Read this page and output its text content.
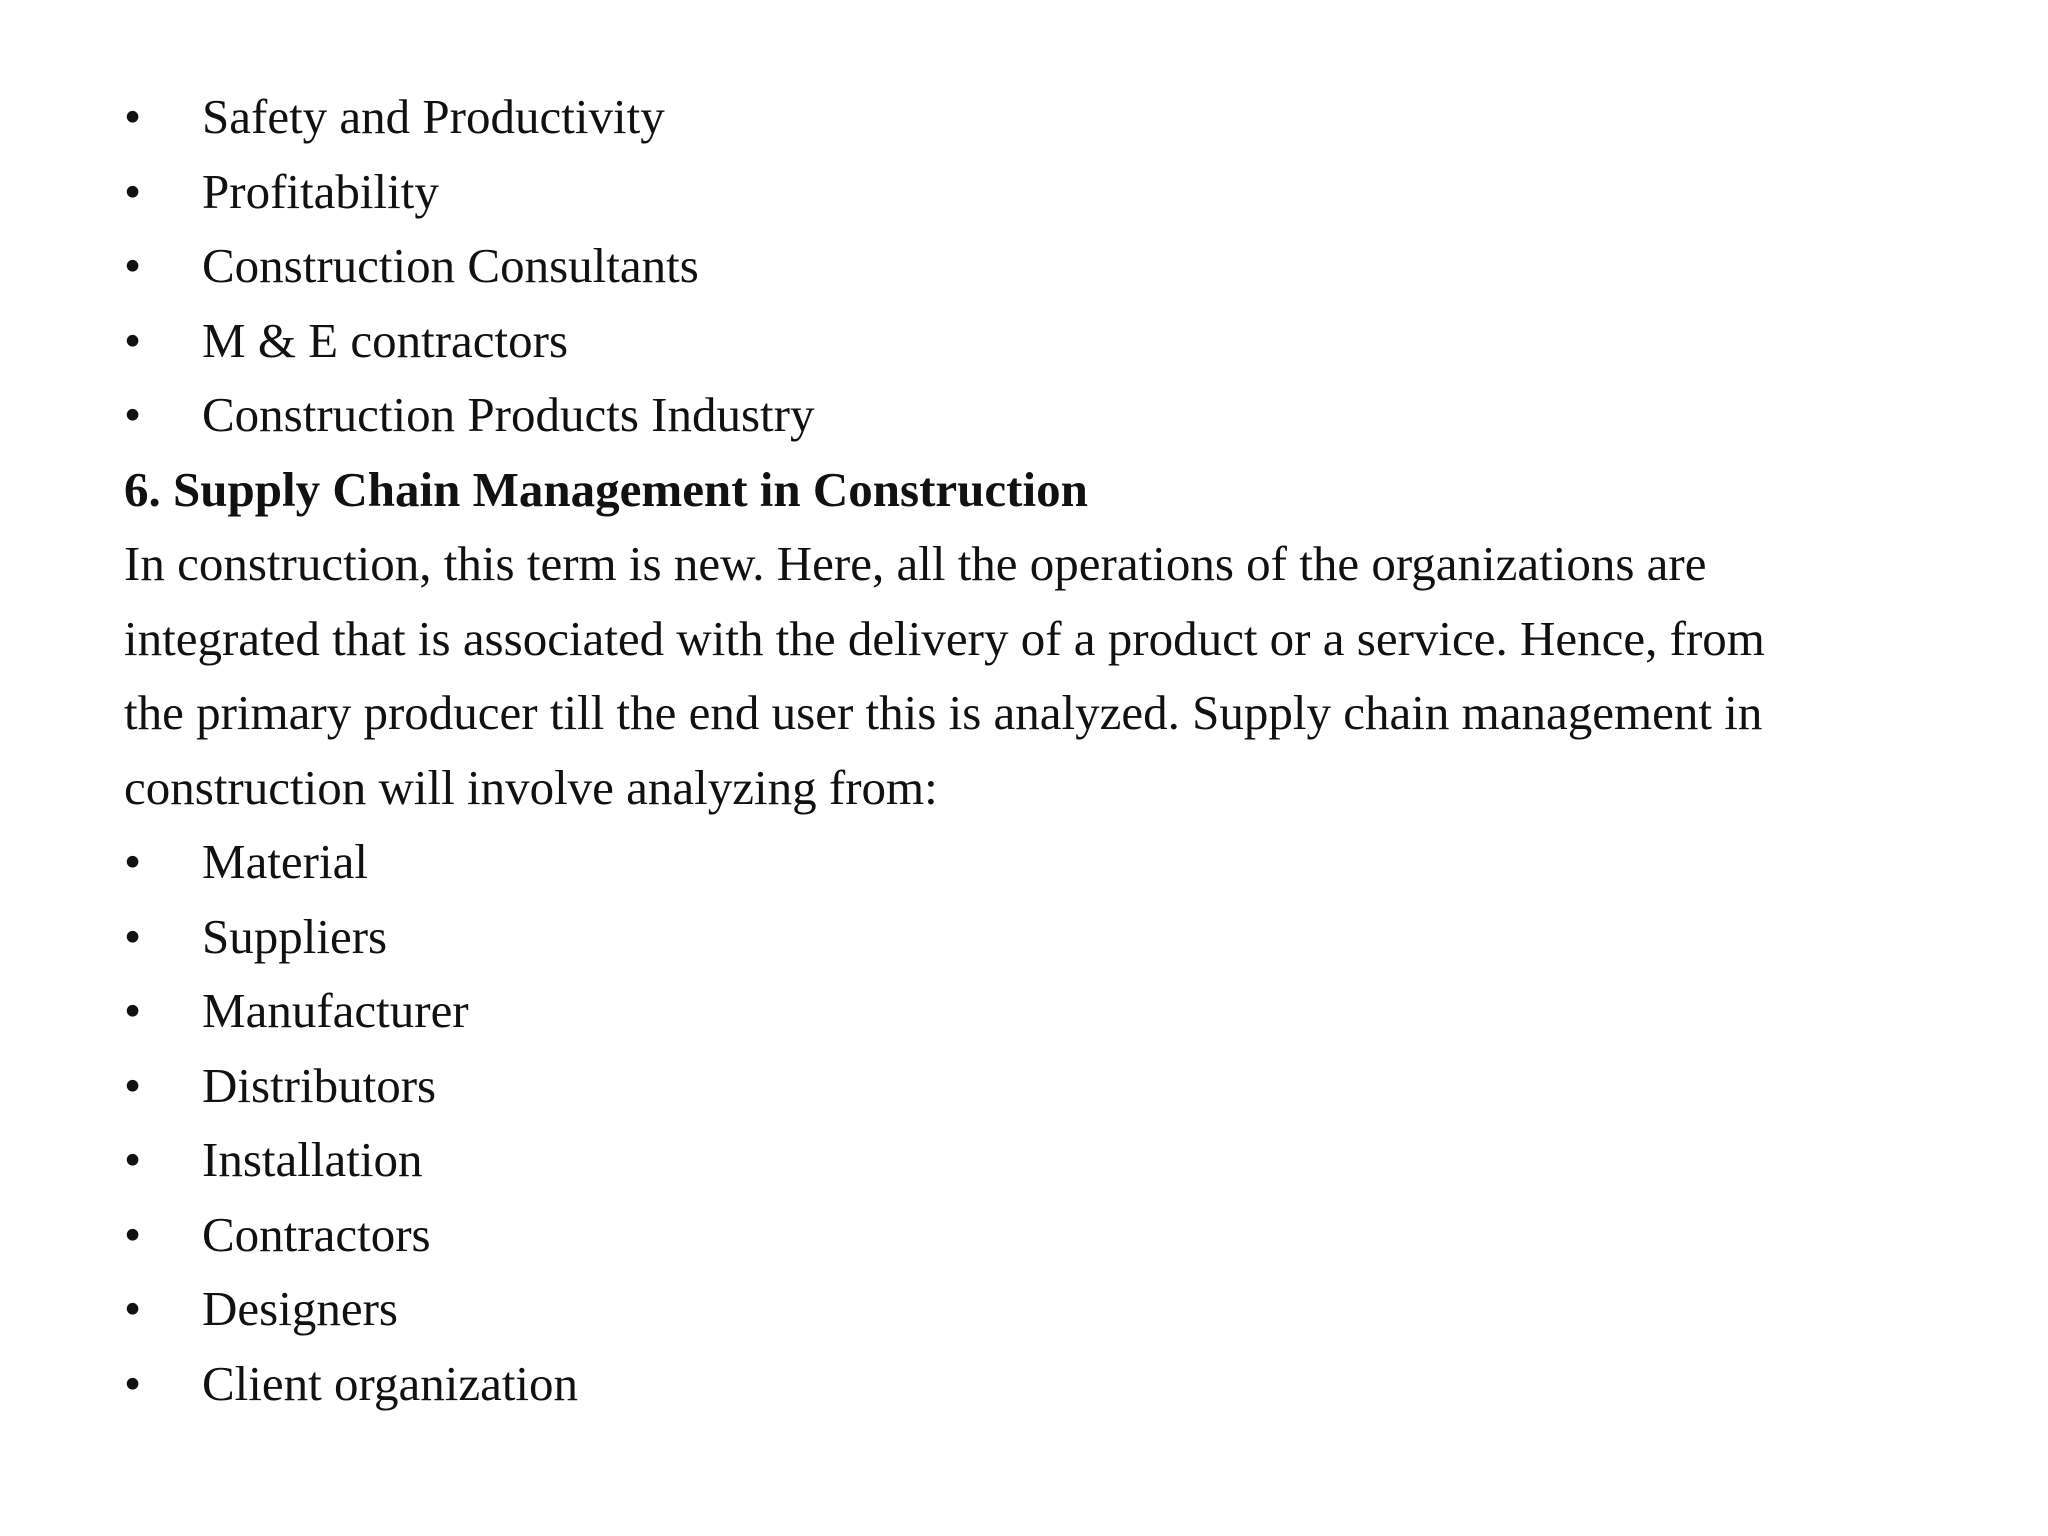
•	Safety and Productivity
•	Profitability
•	Construction Consultants
•	M & E contractors
•	Construction Products Industry
6. Supply Chain Management in Construction
In construction, this term is new. Here, all the operations of the organizations are
integrated that is associated with the delivery of a product or a service. Hence, from
the primary producer till the end user this is analyzed. Supply chain management in
construction will involve analyzing from:
•	Material
•	Suppliers
•	Manufacturer
•	Distributors
•	Installation
•	Contractors
•	Designers
•	Client organization
